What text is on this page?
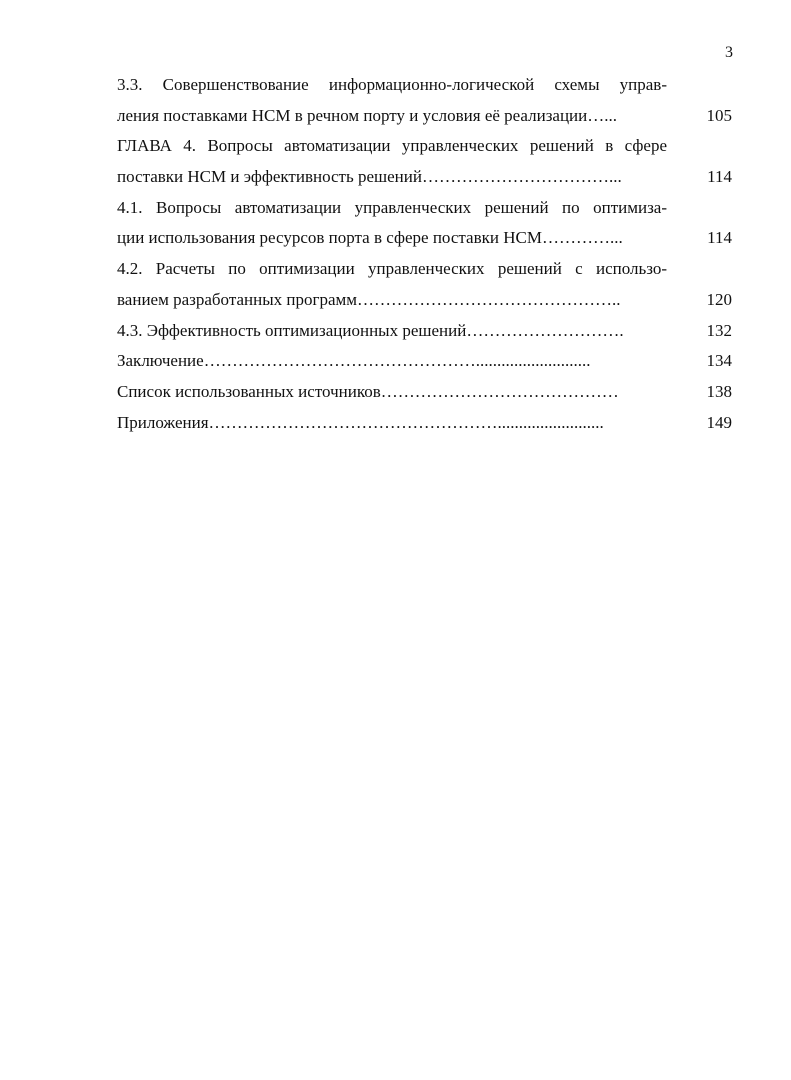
3
3.3. Совершенствование информационно-логической схемы управ-
ления поставками НСМ в речном порту и условия её реализации…...	105
ГЛАВА 4. Вопросы автоматизации управленческих решений в сфере
поставки НСМ и эффективность решений……………………………...	114
4.1. Вопросы автоматизации управленческих решений по оптимиза-
ции использования ресурсов порта в сфере поставки НСМ…………...	114
4.2. Расчеты по оптимизации управленческих решений с использо-
ванием разработанных программ………………………………………..	120
4.3. Эффективность оптимизационных решений……………………….	132
Заключение…………………………………………...........................	134
Список использованных источников……………………………………	138
Приложения…………………………………………….........................	149
